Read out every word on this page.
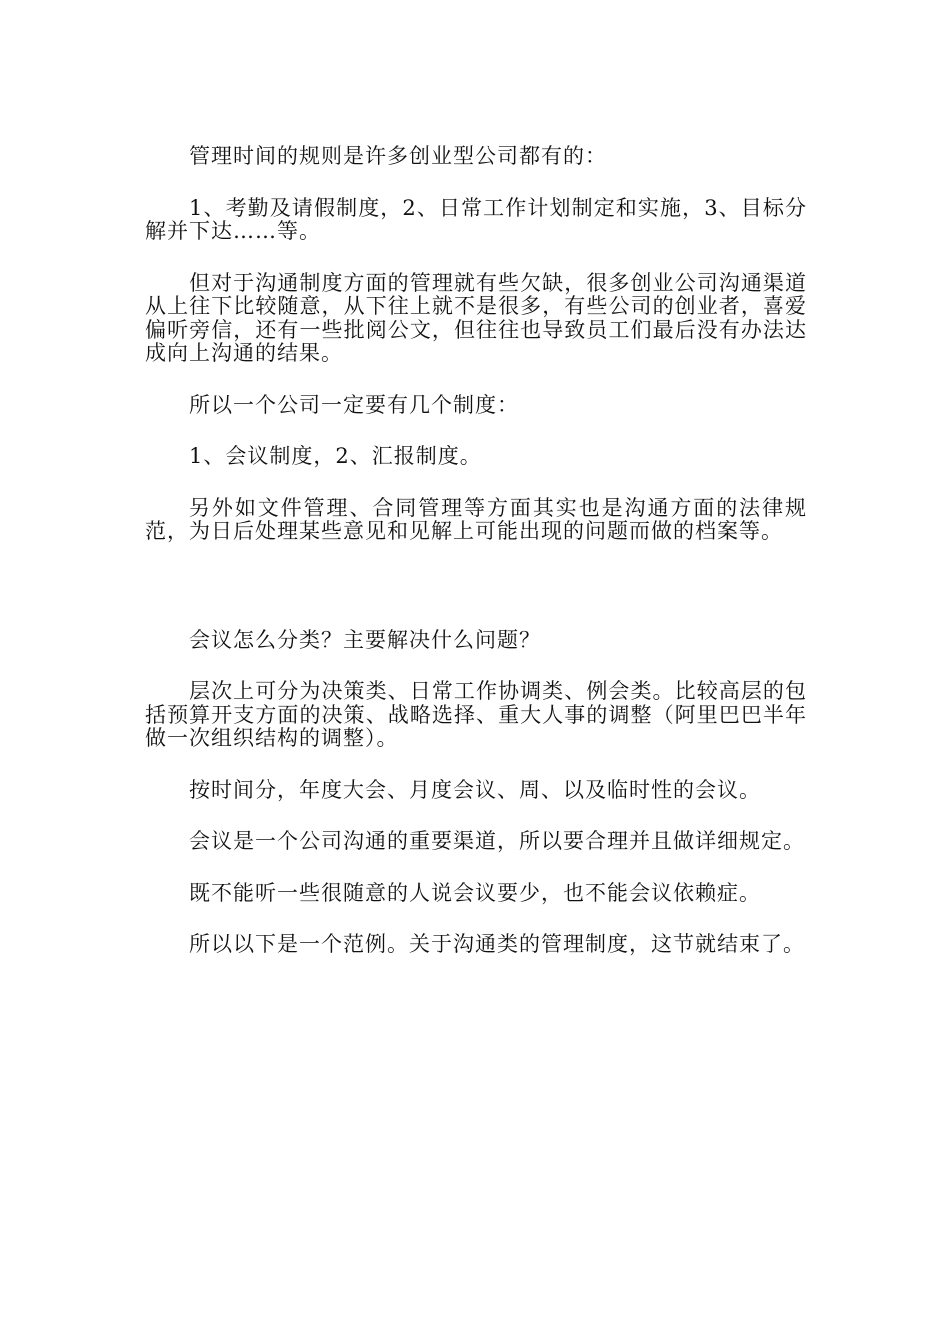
管理时间的规则是许多创业型公司都有的：

1、考勤及请假制度，2、日常工作计划制定和实施，3、目标分解并下达……等。

但对于沟通制度方面的管理就有些欠缺，很多创业公司沟通渠道从上往下比较随意，从下往上就不是很多，有些公司的创业者，喜爱偏听旁信，还有一些批阅公文，但往往也导致员工们最后没有办法达成向上沟通的结果。

所以一个公司一定要有几个制度：

1、会议制度，2、汇报制度。

另外如文件管理、合同管理等方面其实也是沟通方面的法律规范，为日后处理某些意见和见解上可能出现的问题而做的档案等。

会议怎么分类？主要解决什么问题？

层次上可分为决策类、日常工作协调类、例会类。比较高层的包括预算开支方面的决策、战略选择、重大人事的调整（阿里巴巴半年做一次组织结构的调整）。

按时间分，年度大会、月度会议、周、以及临时性的会议。

会议是一个公司沟通的重要渠道，所以要合理并且做详细规定。

既不能听一些很随意的人说会议要少，也不能会议依赖症。

所以以下是一个范例。关于沟通类的管理制度，这节就结束了。
